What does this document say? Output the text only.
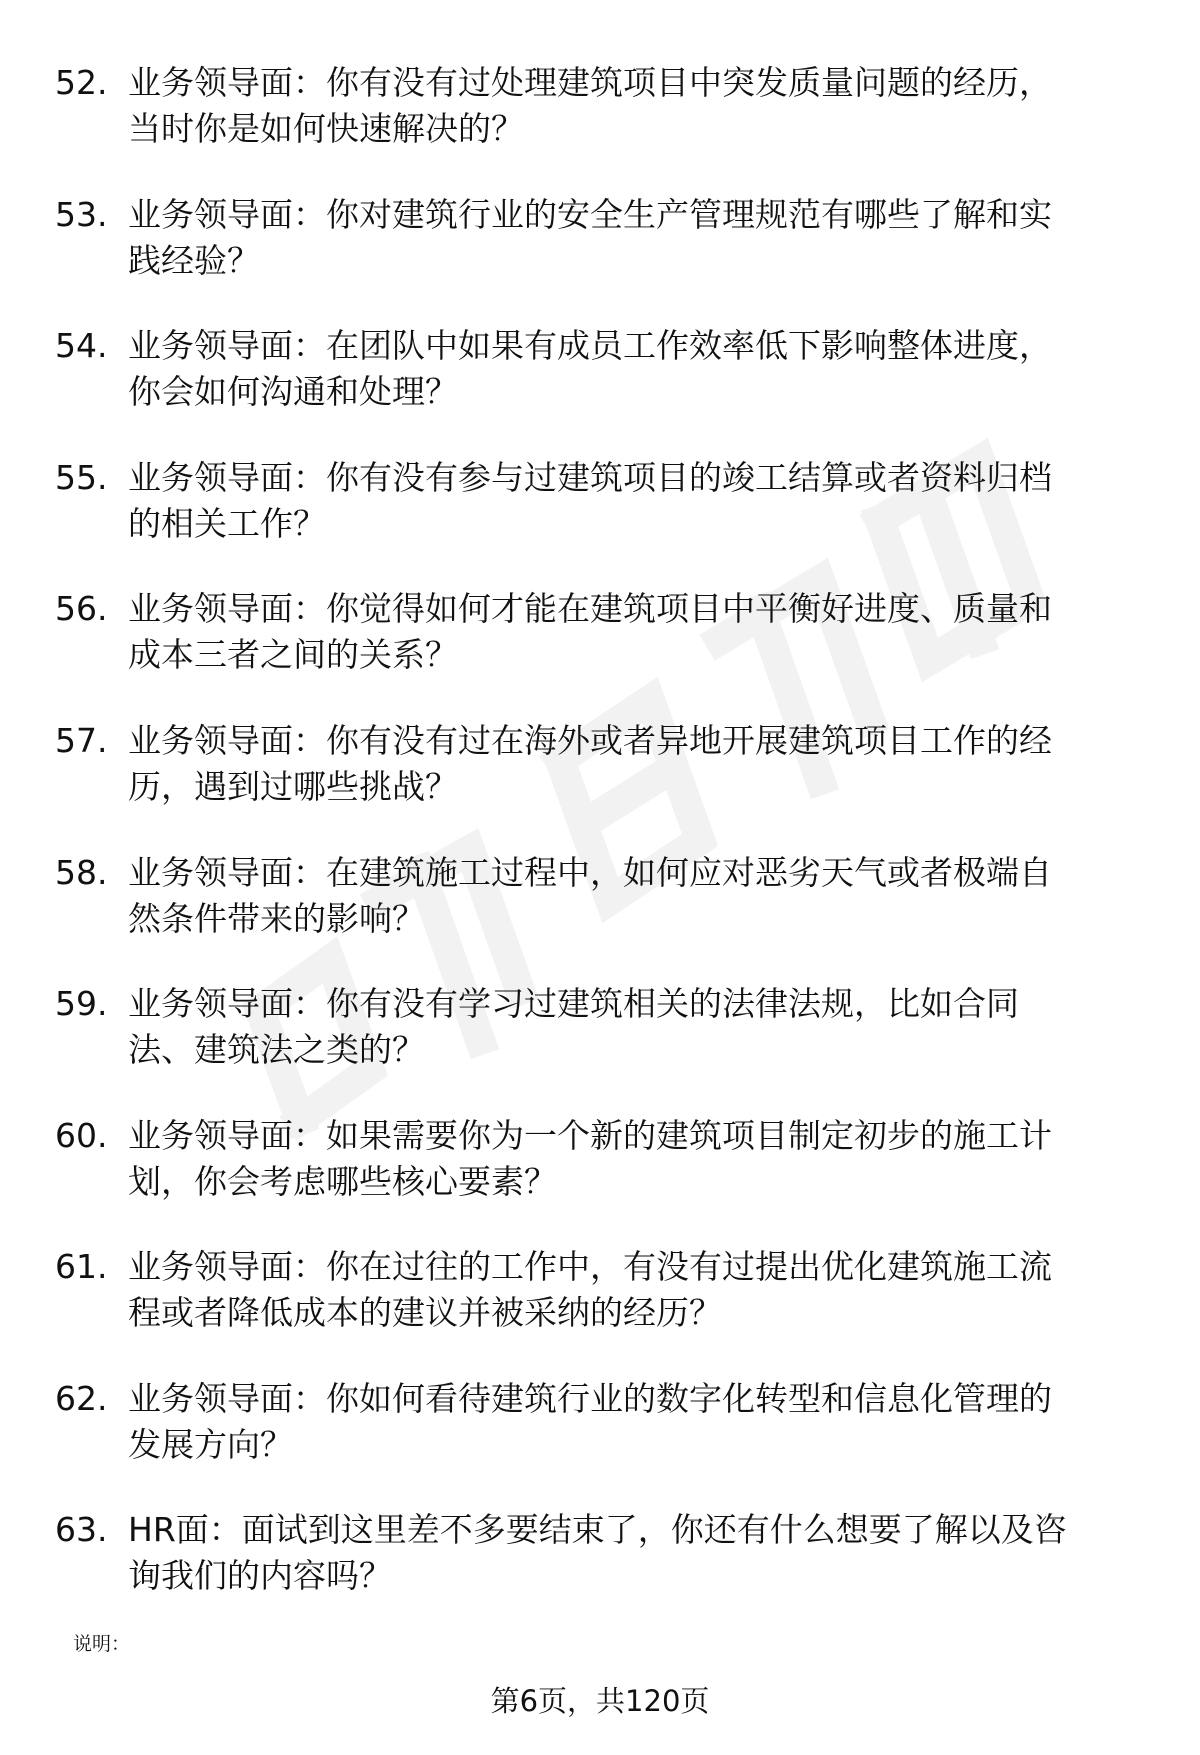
52. 业务领导面：你有没有过处理建筑项目中突发质量问题的经历，
当时你是如何快速解决的？
53. 业务领导面：你对建筑行业的安全生产管理规范有哪些了解和实
践经验？
54. 业务领导面：在团队中如果有成员工作效率低下影响整体进度，
你会如何沟通和处理？
55. 业务领导面：你有没有参与过建筑项目的竣工结算或者资料归档
的相关工作？
56. 业务领导面：你觉得如何才能在建筑项目中平衡好进度、质量和
成本三者之间的关系？
57. 业务领导面：你有没有过在海外或者异地开展建筑项目工作的经
历，遇到过哪些挑战？
58. 业务领导面：在建筑施工过程中，如何应对恶劣天气或者极端自
然条件带来的影响？
59. 业务领导面：你有没有学习过建筑相关的法律法规，比如合同
法、建筑法之类的？
60. 业务领导面：如果需要你为一个新的建筑项目制定初步的施工计
划，你会考虑哪些核心要素？
61. 业务领导面：你在过往的工作中，有没有过提出优化建筑施工流
程或者降低成本的建议并被采纳的经历？
62. 业务领导面：你如何看待建筑行业的数字化转型和信息化管理的
发展方向？
63. HR面：面试到这里差不多要结束了，你还有什么想要了解以及咨
询我们的内容吗？
说明：
第6页，共120页
